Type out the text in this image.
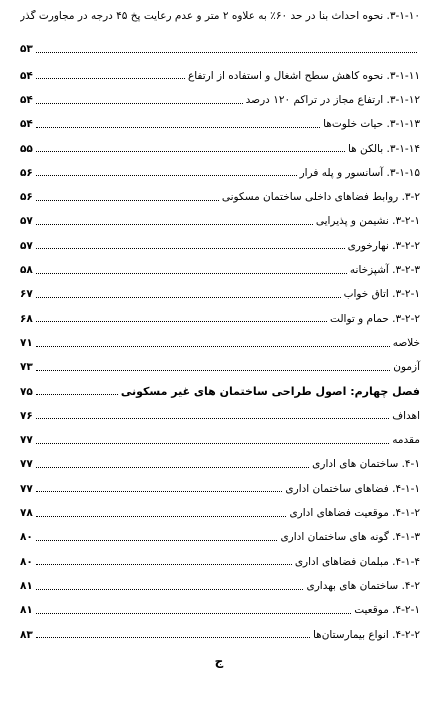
۳-۱-۱۰. نحوه احداث بنا در حد ۶۰٪ به علاوه ۲ متر و عدم رعایت پخ ۴۵ درجه در مجاورت گذر
۵۳
۳-۱-۱۱. نحوه کاهش سطح اشغال و استفاده از ارتفاع
۵۴
۳-۱-۱۲. ارتفاع مجاز در تراکم ۱۲۰ درصد
۵۴
۳-۱-۱۳. حیات خلوت‌ها
۵۴
۳-۱-۱۴. بالکن ها
۵۵
۳-۱-۱۵. آسانسور و پله فرار
۵۶
۳-۲. روابط فضاهای داخلی ساختمان مسکونی
۵۶
۳-۲-۱. نشیمن و پذیرایی
۵۷
۳-۲-۲. نهارخوری
۵۷
۳-۲-۳. آشپزخانه
۵۸
۳-۲-۱. اتاق خواب
۶۷
۳-۲-۲. حمام و توالت
۶۸
خلاصه
۷۱
آزمون
۷۳
فصل چهارم: اصول طراحی ساختمان های غیر مسکونی
۷۵
اهداف
۷۶
مقدمه
۷۷
۴-۱. ساختمان های اداری
۷۷
۴-۱-۱. فضاهای ساختمان اداری
۷۷
۴-۱-۲. موقعیت فضاهای اداری
۷۸
۴-۱-۳. گونه های ساختمان اداری
۸۰
۴-۱-۴. مبلمان فضاهای اداری
۸۰
۴-۲. ساختمان های بهداری
۸۱
۴-۲-۱. موقعیت
۸۱
۴-۲-۲. انواع بیمارستان‌ها
۸۳
ج
